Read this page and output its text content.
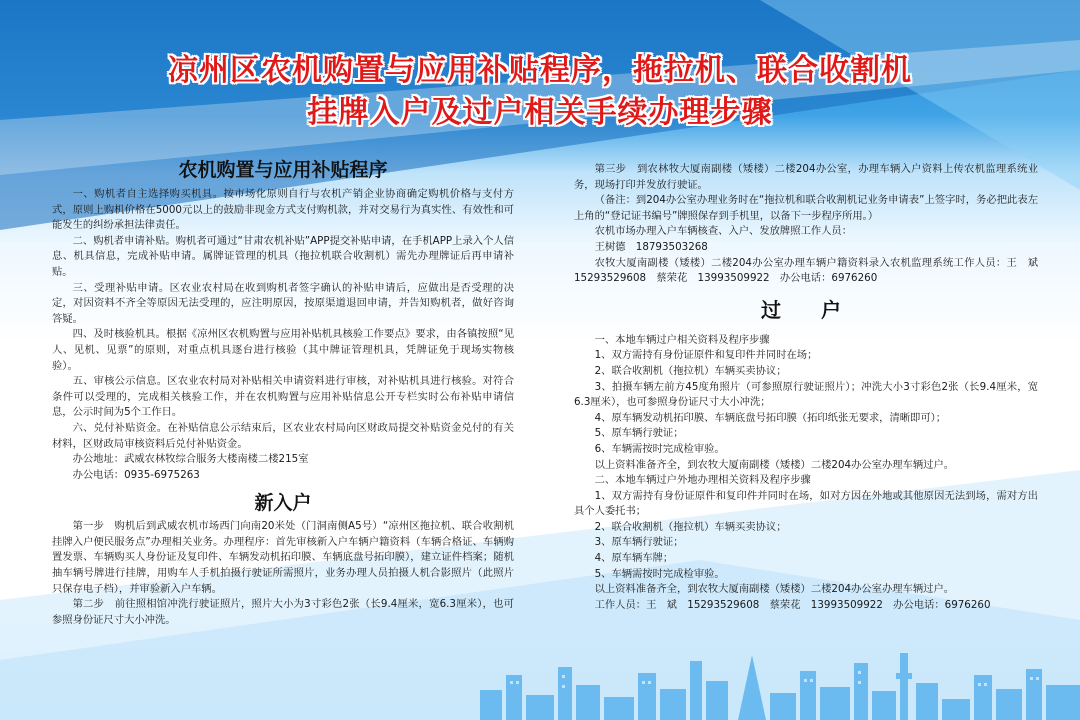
凉州区农机购置与应用补贴程序，拖拉机、联合收割机
挂牌入户及过户相关手续办理步骤
农机购置与应用补贴程序

一、购机者自主选择购买机具。按市场化原则自行与农机产销企业协商确定购机价格与支付方式，原则上购机价格在5000元以上的鼓励非现金方式支付购机款，并对交易行为真实性、有效性和可能发生的纠纷承担法律责任。

二、购机者申请补贴。购机者可通过“甘肃农机补贴”APP提交补贴申请，在手机APP上录入个人信息、机具信息，完成补贴申请。属牌证管理的机具（拖拉机联合收割机）需先办理牌证后再申请补贴。

三、受理补贴申请。区农业农村局在收到购机者签字确认的补贴申请后，应做出是否受理的决定，对因资料不齐全等原因无法受理的，应注明原因，按原渠道退回申请，并告知购机者，做好咨询答疑。

四、及时核验机具。根据《凉州区农机购置与应用补贴机具核验工作要点》要求，由各镇按照“见人、见机、见票”的原则，对重点机具逐台进行核验（其中牌证管理机具，凭牌证免于现场实物核验）。

五、审核公示信息。区农业农村局对补贴相关申请资料进行审核，对补贴机具进行核验。对符合条件可以受理的，完成相关核验工作，并在农机购置与应用补贴信息公开专栏实时公布补贴申请信息，公示时间为5个工作日。

六、兑付补贴资金。在补贴信息公示结束后，区农业农村局向区财政局提交补贴资金兑付的有关材料，区财政局审核资料后兑付补贴资金。

办公地址：武威农林牧综合服务大楼南楼二楼215室

办公电话：0935-6975263

新入户

第一步　购机后到武威农机市场西门向南20米处（门洞南侧A5号）“凉州区拖拉机、联合收割机挂牌入户便民服务点”办理相关业务。办理程序：首先审核新入户车辆户籍资料（车辆合格证、车辆购置发票、车辆购买人身份证及复印件、车辆发动机拓印膜、车辆底盘号拓印膜），建立证件档案；随机抽车辆号牌进行挂牌，用购车人手机拍摄行驶证所需照片，业务办理人员拍摄人机合影照片（此照片只保存电子档），并审验新入户车辆。

第二步　前往照相馆冲洗行驶证照片，照片大小为3寸彩色2张（长9.4厘米，宽6.3厘米），也可参照身份证尺寸大小冲洗。

第三步　到农林牧大厦南副楼（矮楼）二楼204办公室，办理车辆入户资料上传农机监理系统业务，现场打印并发放行驶证。

（备注：到204办公室办理业务时在“拖拉机和联合收割机记业务申请表”上签字时，务必把此表左上角的“登记证书编号”牌照保存到手机里，以备下一步程序所用。）

农机市场办理入户车辆核查、入户、发放牌照工作人员：

王树德　18793503268

农牧大厦南副楼（矮楼）二楼204办公室办理车辆户籍资料录入农机监理系统工作人员：王　斌　15293529608　蔡荣花　13993509922　办公电话：6976260

过　户

一、本地车辆过户相关资料及程序步骤

1、双方需持有身份证原件和复印件并同时在场；

2、联合收割机（拖拉机）车辆买卖协议；

3、拍摄车辆左前方45度角照片（可参照原行驶证照片）；冲洗大小3寸彩色2张（长9.4厘米，宽6.3厘米），也可参照身份证尺寸大小冲洗；

4、原车辆发动机拓印膜、车辆底盘号拓印膜（拓印纸张无要求，清晰即可）；

5、原车辆行驶证；

6、车辆需按时完成检审验。

以上资料准备齐全，到农牧大厦南副楼（矮楼）二楼204办公室办理车辆过户。

二、本地车辆过户外地办理相关资料及程序步骤

1、双方需持有身份证原件和复印件并同时在场，如对方因在外地或其他原因无法到场，需对方出具个人委托书；

2、联合收割机（拖拉机）车辆买卖协议；

3、原车辆行驶证；

4、原车辆车牌；

5、车辆需按时完成检审验。

以上资料准备齐全，到农牧大厦南副楼（矮楼）二楼204办公室办理车辆过户。

工作人员：王　斌　15293529608　蔡荣花　13993509922　办公电话：6976260
